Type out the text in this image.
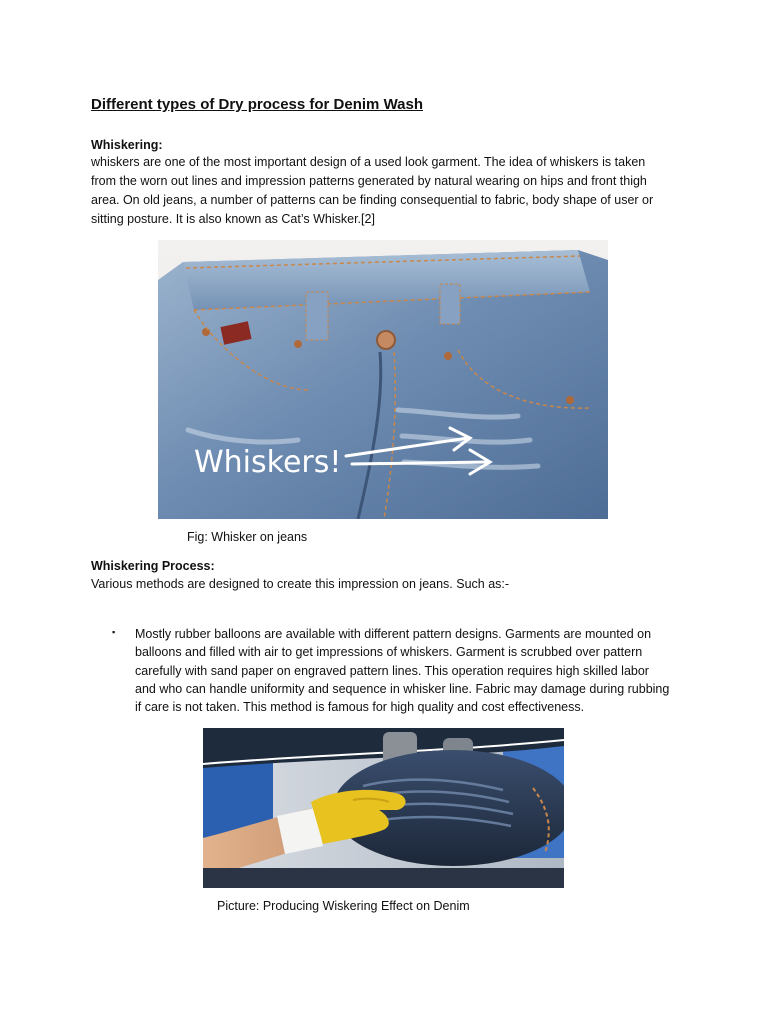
Different types of Dry process for Denim Wash
Whiskering:
whiskers are one of the most important design of a used look garment. The idea of whiskers is taken
from the worn out lines and impression patterns generated by natural wearing on hips and front thigh
area. On old jeans, a number of patterns can be finding consequential to fabric, body shape of user or
sitting posture. It is also known as Cat’s Whisker.[2]
Whiskers!
Fig: Whisker on jeans
Whiskering Process:
Various methods are designed to create this impression on jeans. Such as:-
▪ Mostly rubber balloons are available with different pattern designs. Garments are mounted on
balloons and filled with air to get impressions of whiskers. Garment is scrubbed over pattern
carefully with sand paper on engraved pattern lines. This operation requires high skilled labor
and who can handle uniformity and sequence in whisker line. Fabric may damage during rubbing
if care is not taken. This method is famous for high quality and cost effectiveness.
Picture: Producing Wiskering Effect on Denim
